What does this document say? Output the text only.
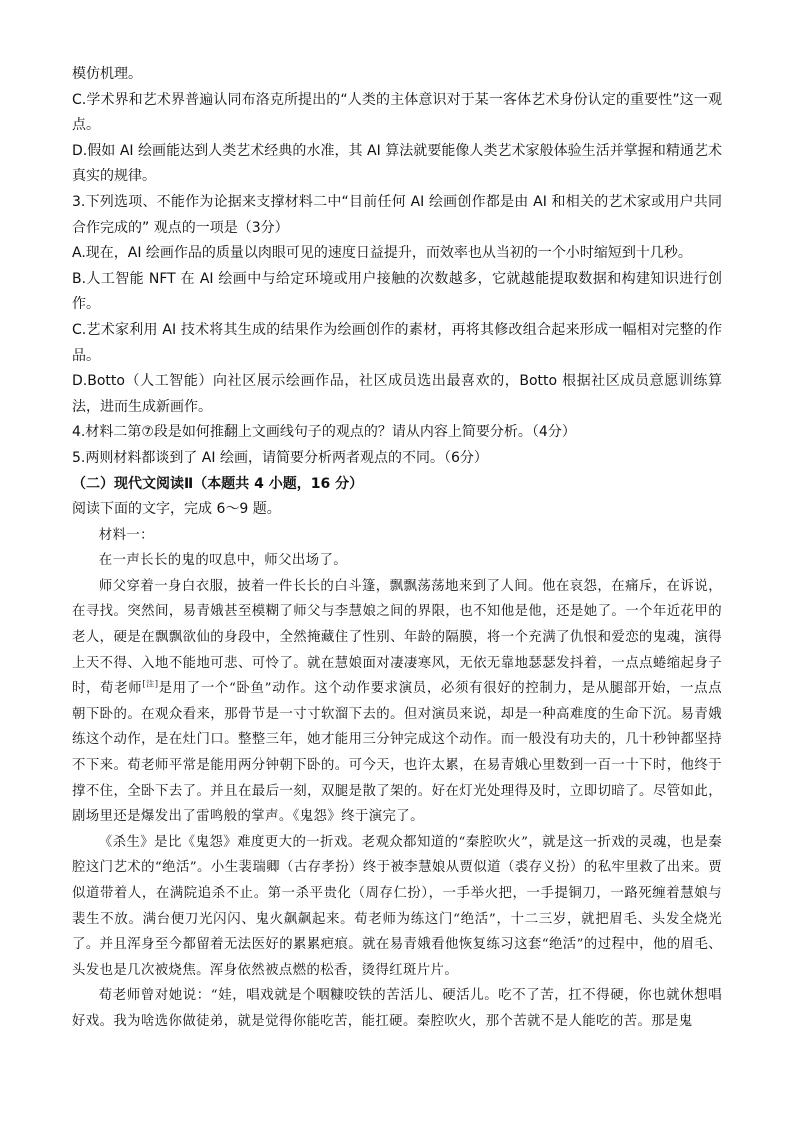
模仿机理。

C.学术界和艺术界普遍认同布洛克所提出的“人类的主体意识对于某一客体艺术身份认定的重要性”这一观点。

D.假如 AI 绘画能达到人类艺术经典的水准，其 AI 算法就要能像人类艺术家般体验生活并掌握和精通艺术真实的规律。

3.下列选项、不能作为论据来支撑材料二中“目前任何 AI 绘画创作都是由 AI 和相关的艺术家或用户共同合作完成的” 观点的一项是（3分）

A.现在，AI 绘画作品的质量以肉眼可见的速度日益提升，而效率也从当初的一个小时缩短到十几秒。

B.人工智能 NFT 在 AI 绘画中与给定环境或用户接触的次数越多，它就越能提取数据和构建知识进行创作。

C.艺术家利用 AI 技术将其生成的结果作为绘画创作的素材，再将其修改组合起来形成一幅相对完整的作品。

D.Botto（人工智能）向社区展示绘画作品，社区成员选出最喜欢的，Botto 根据社区成员意愿训练算法，进而生成新画作。

4.材料二第⑦段是如何推翻上文画线句子的观点的？请从内容上简要分析。（4分）

5.两则材料都谈到了 AI 绘画，请简要分析两者观点的不同。（6分）

（二）现代文阅读Ⅱ（本题共 4 小题，16 分）

阅读下面的文字，完成 6～9 题。

材料一：

在一声长长的鬼的叹息中，师父出场了。

师父穿着一身白衣服，披着一件长长的白斗篷，飘飘荡荡地来到了人间。他在哀怨，在痛斥，在诉说，在寻找。突然间，易青娥甚至模糊了师父与李慧娘之间的界限，也不知他是他，还是她了。一个年近花甲的老人，硬是在飘飘欲仙的身段中，全然掩藏住了性别、年龄的隔膜，将一个充满了仇恨和爱恋的鬼魂，演得上天不得、入地不能地可悲、可怜了。就在慧娘面对凄凄寒风，无依无靠地瑟瑟发抖着，一点点蜷缩起身子时，荀老师[注]是用了一个“卧鱼”动作。这个动作要求演员，必须有很好的控制力，是从腿部开始，一点点朝下卧的。在观众看来，那骨节是一寸寸软溜下去的。但对演员来说，却是一种高难度的生命下沉。易青娥练这个动作，是在灶门口。整整三年，她才能用三分钟完成这个动作。而一般没有功夫的，几十秒钟都坚持不下来。荀老师平常是能用两分钟朝下卧的。可今天，也许太累，在易青娥心里数到一百一十下时，他终于撑不住，全卧下去了。并且在最后一刻，双腿是散了架的。好在灯光处理得及时，立即切暗了。尽管如此，剧场里还是爆发出了雷鸣般的掌声。《鬼怨》终于演完了。

《杀生》是比《鬼怨》难度更大的一折戏。老观众都知道的“秦腔吹火”，就是这一折戏的灵魂，也是秦腔这门艺术的“绝活”。小生裴瑞卿（古存孝扮）终于被李慧娘从贾似道（裘存义扮）的私牢里救了出来。贾似道带着人，在满院追杀不止。第一杀平贵化（周存仁扮），一手举火把，一手提铜刀，一路死缠着慧娘与裴生不放。满台便刀光闪闪、鬼火飙飙起来。荀老师为练这门“绝活”，十二三岁，就把眉毛、头发全烧光了。并且浑身至今都留着无法医好的累累疤痕。就在易青娥看他恢复练习这套“绝活”的过程中，他的眉毛、头发也是几次被烧焦。浑身依然被点燃的松香，烫得红斑片片。

荀老师曾对她说：“娃，唱戏就是个咽糠咬铁的苦活儿、硬活儿。吃不了苦，扛不得硬，你也就休想唱好戏。我为啥选你做徒弟，就是觉得你能吃苦，能扛硬。秦腔吹火，那个苦就不是人能吃的苦。那是鬼
